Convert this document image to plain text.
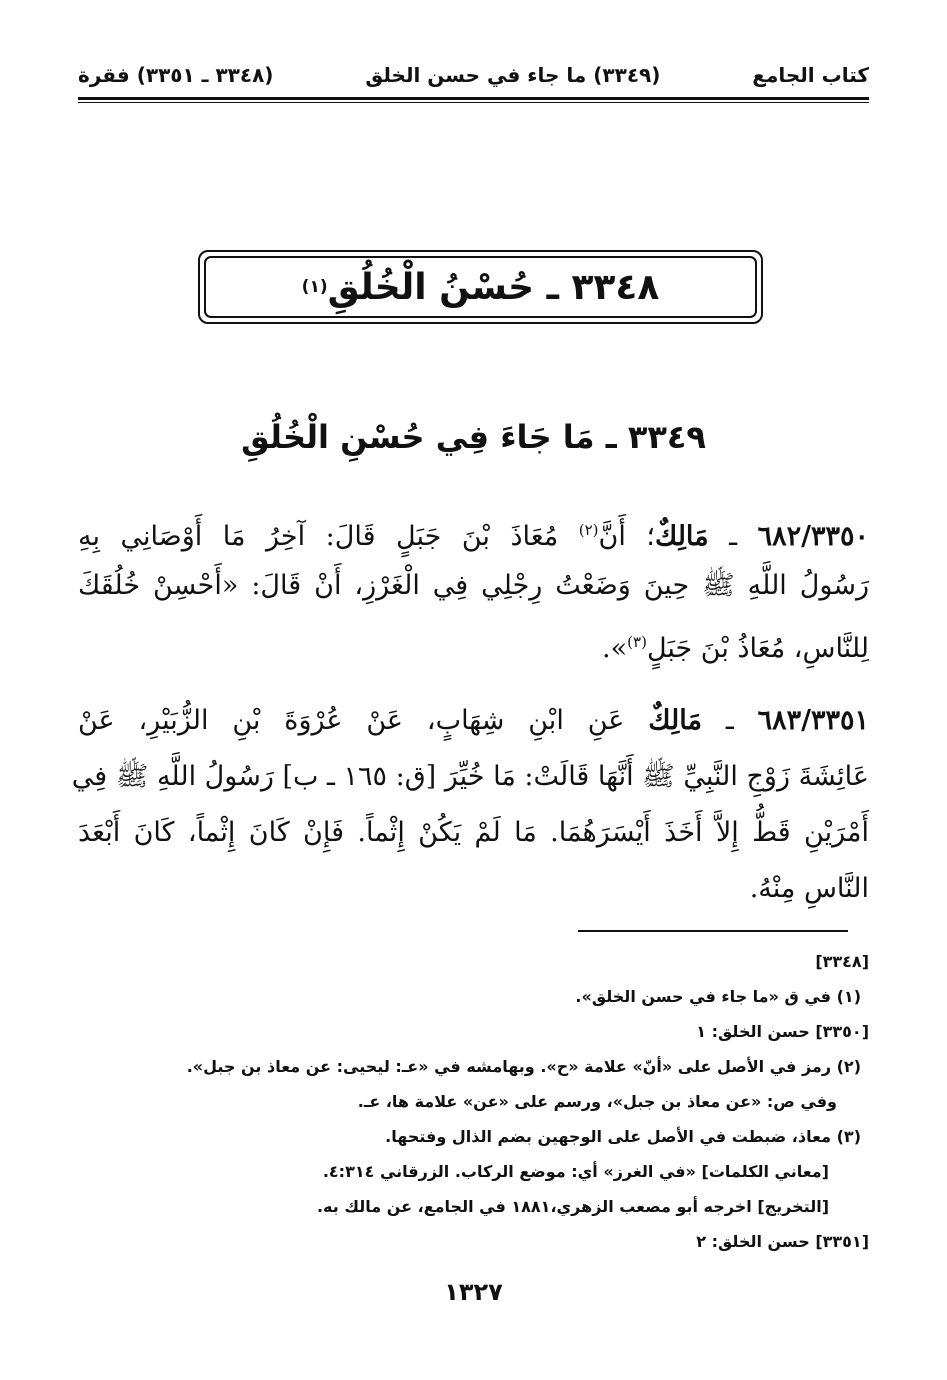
كتاب الجامع
(٣٣٤٩) ما جاء في حسن الخلق
(٣٣٤٨ ـ ٣٣٥١) فقرة
٣٣٤٨ ـ حُسْنُ الْخُلُقِ
(١)
٣٣٤٩ ـ مَا جَاءَ فِي حُسْنِ الْخُلُقِ
٦٨٢/٣٣٥٠ ـ مَالِكٌ؛ أَنَّ$^{(٢)}$ مُعَاذَ بْنَ جَبَلٍ قَالَ: آخِرُ مَا أَوْصَانِي بِهِ
رَسُولُ اللَّهِ ﷺ حِينَ وَضَعْتُ رِجْلِي فِي الْغَرْزِ، أَنْ قَالَ: «أَحْسِنْ خُلُقَكَ
لِلنَّاسِ، مُعَاذُ بْنَ جَبَلٍ$^{(٣)}$».
٦٨٣/٣٣٥١ ـ مَالِكٌ عَنِ ابْنِ شِهَابٍ، عَنْ عُرْوَةَ بْنِ الزُّبَيْرِ، عَنْ
عَائِشَةَ زَوْجِ النَّبِيِّ ﷺ أَنَّهَا قَالَتْ: مَا خُيِّرَ [ق: ١٦٥ ـ ب] رَسُولُ اللَّهِ ﷺ فِي
أَمْرَيْنِ قَطُّ إِلاَّ أَخَذَ أَيْسَرَهُمَا. مَا لَمْ يَكُنْ إِثْماً. فَإِنْ كَانَ إِثْماً، كَانَ أَبْعَدَ
النَّاسِ مِنْهُ.
[٣٣٤٨]
(١) في ق «ما جاء في حسن الخلق».
[٣٣٥٠] حسن الخلق: ١
(٢) رمز في الأصل على «أنّ» علامة «ح». وبهامشه في «عـ: ليحيى: عن معاذ بن جبل».
وفي ص: «عن معاذ بن جبل»، ورسم على «عن» علامة ها، عـ.
(٣) معاذ، ضبطت في الأصل على الوجهين بضم الذال وفتحها.
[معاني الكلمات] «في الغرز» أي: موضع الركاب. الزرقاني ٤:٣١٤.
[التخريج] اخرجه أبو مصعب الزهري،١٨٨١ في الجامع، عن مالك به.
[٣٣٥١] حسن الخلق: ٢
١٣٢٧
